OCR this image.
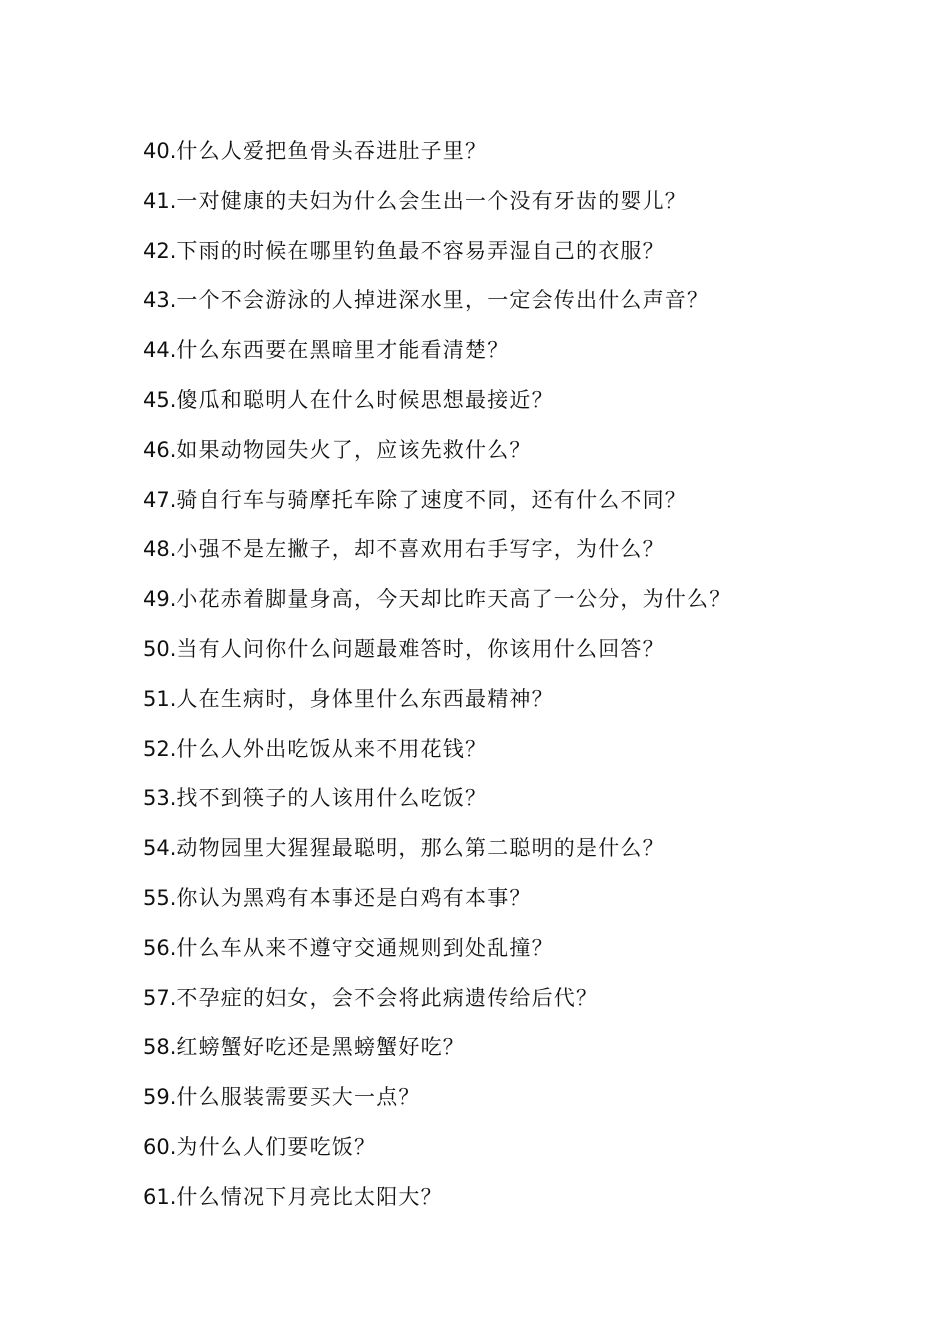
40.什么人爱把鱼骨头吞进肚子里？
41.一对健康的夫妇为什么会生出一个没有牙齿的婴儿？
42.下雨的时候在哪里钓鱼最不容易弄湿自己的衣服？
43.一个不会游泳的人掉进深水里，一定会传出什么声音？
44.什么东西要在黑暗里才能看清楚？
45.傻瓜和聪明人在什么时候思想最接近？
46.如果动物园失火了，应该先救什么？
47.骑自行车与骑摩托车除了速度不同，还有什么不同？
48.小强不是左撇子，却不喜欢用右手写字，为什么？
49.小花赤着脚量身高，今天却比昨天高了一公分，为什么？
50.当有人问你什么问题最难答时，你该用什么回答？
51.人在生病时，身体里什么东西最精神？
52.什么人外出吃饭从来不用花钱？
53.找不到筷子的人该用什么吃饭？
54.动物园里大猩猩最聪明，那么第二聪明的是什么？
55.你认为黑鸡有本事还是白鸡有本事？
56.什么车从来不遵守交通规则到处乱撞？
57.不孕症的妇女，会不会将此病遗传给后代？
58.红螃蟹好吃还是黑螃蟹好吃？
59.什么服装需要买大一点？
60.为什么人们要吃饭？
61.什么情况下月亮比太阳大？
